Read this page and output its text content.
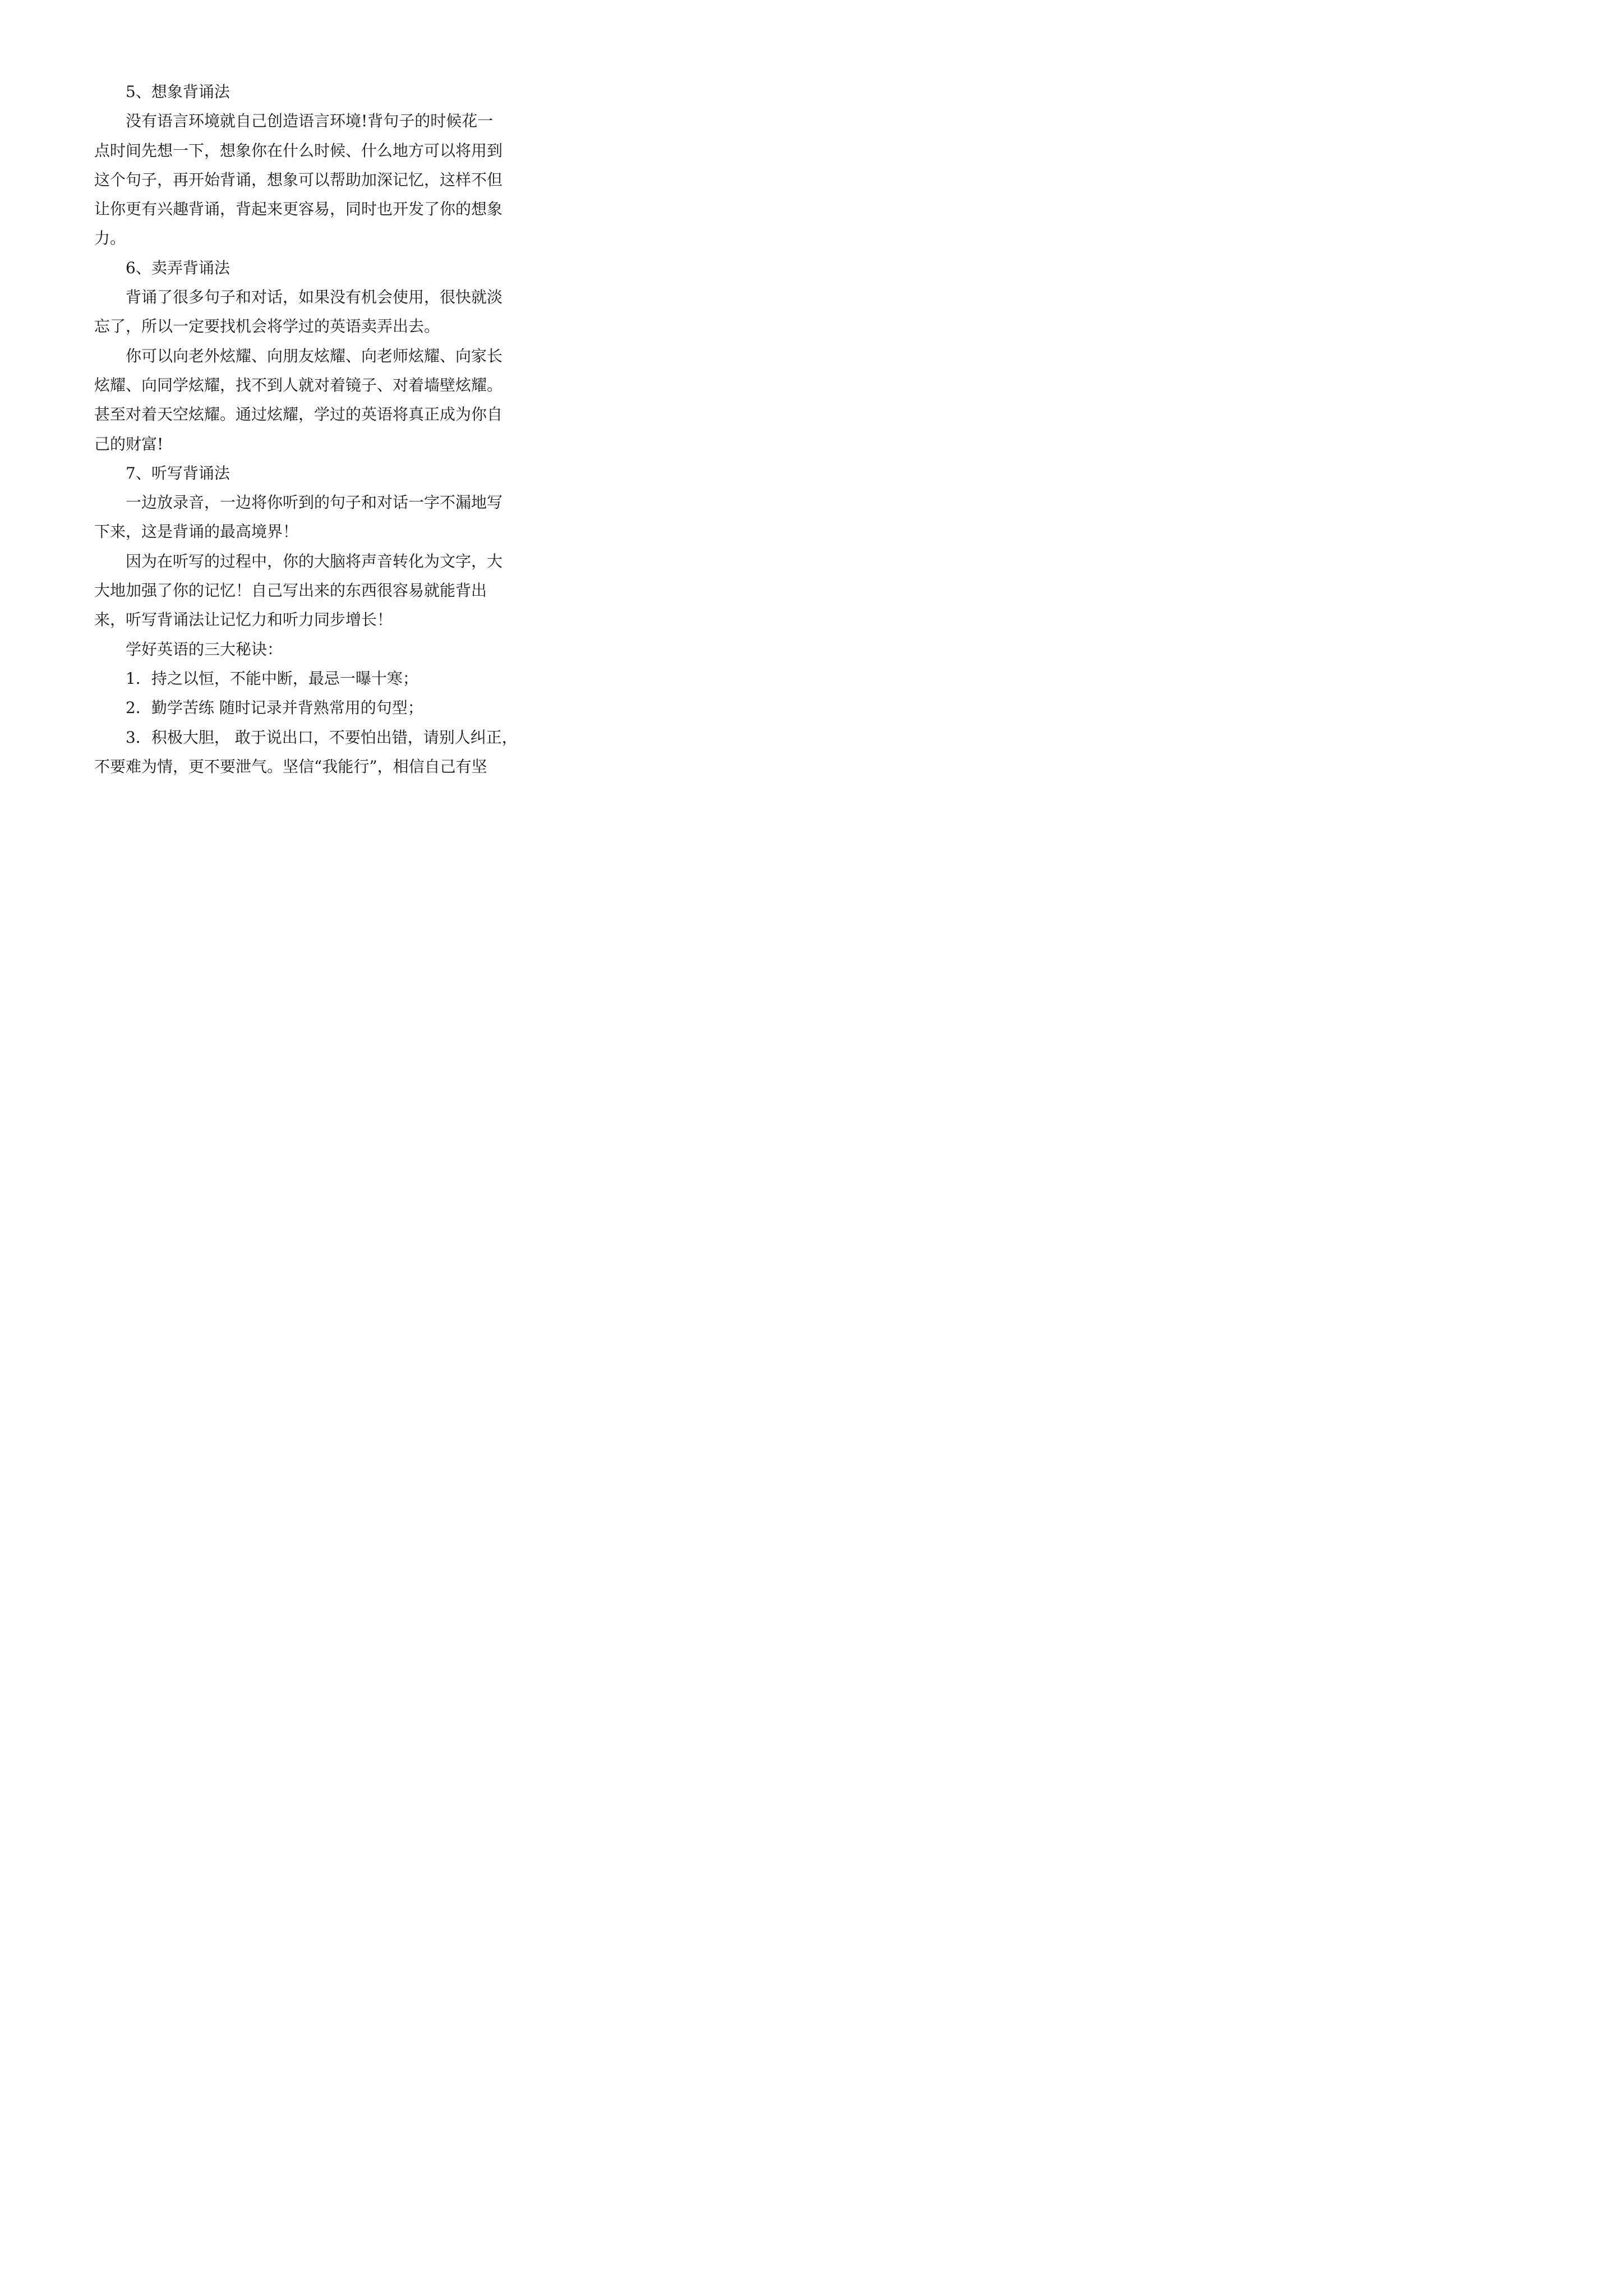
　　5、想象背诵法
　　没有语言环境就自己创造语言环境!背句子的时候花一
点时间先想一下，想象你在什么时候、什么地方可以将用到
这个句子，再开始背诵，想象可以帮助加深记忆，这样不但
让你更有兴趣背诵，背起来更容易，同时也开发了你的想象
力。
　　6、卖弄背诵法
　　背诵了很多句子和对话，如果没有机会使用，很快就淡
忘了，所以一定要找机会将学过的英语卖弄出去。
　　你可以向老外炫耀、向朋友炫耀、向老师炫耀、向家长
炫耀、向同学炫耀，找不到人就对着镜子、对着墙壁炫耀。
甚至对着天空炫耀。通过炫耀，学过的英语将真正成为你自
己的财富!
　　7、听写背诵法
　　一边放录音，一边将你听到的句子和对话一字不漏地写
下来，这是背诵的最高境界！
　　因为在听写的过程中，你的大脑将声音转化为文字，大
大地加强了你的记忆！自己写出来的东西很容易就能背出
来，听写背诵法让记忆力和听力同步增长！
　　学好英语的三大秘诀：
　　1．持之以恒，不能中断，最忌一曝十寒；
　　2．勤学苦练 随时记录并背熟常用的句型；
　　3．积极大胆， 敢于说出口，不要怕出错，请别人纠正，
不要难为情，更不要泄气。坚信“我能行”，相信自己有坚
